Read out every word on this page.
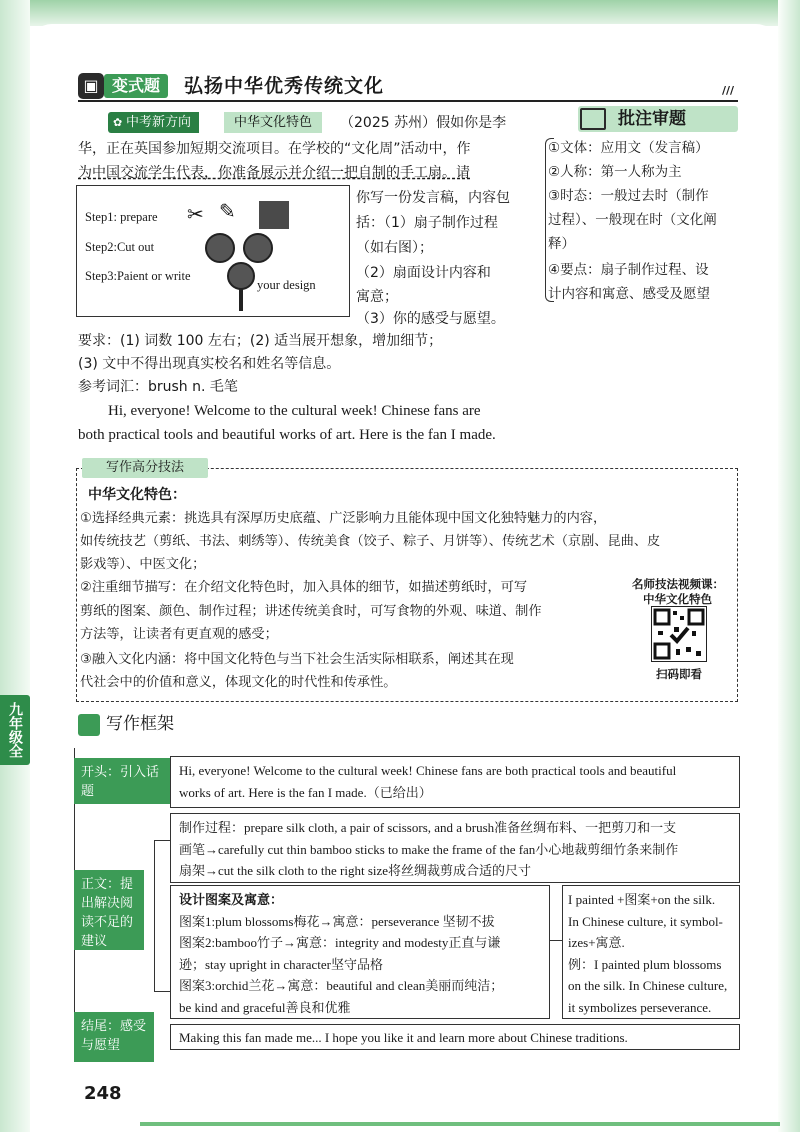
▣ 变式题	弘扬中华优秀传统文化	///
✿ 中考新方向	中华文化特色	（2025 苏州）假如你是李
华，正在英国参加短期交流项目。在学校的“文化周”活动中，作
为中国交流学生代表，你准备展示并介绍一把自制的手工扇。请
你写一份发言稿，内容包
括：（1）扇子制作过程
（如右图）；
（2）扇面设计内容和
寓意；
（3）你的感受与愿望。
Step1: prepare ✂ ✎
Step2:Cut out
Step3:Paient or write
your design
批注审题
①文体：应用文（发言稿）
②人称：第一人称为主
③时态：一般过去时（制作
过程）、一般现在时（文化阐
释）
④要点：扇子制作过程、设
计内容和寓意、感受及愿望
要求：(1) 词数 100 左右；(2) 适当展开想象，增加细节；
(3) 文中不得出现真实校名和姓名等信息。
参考词汇：brush n. 毛笔
Hi, everyone! Welcome to the cultural week! Chinese fans are
both practical tools and beautiful works of art. Here is the fan I made.
写作高分技法
中华文化特色：
①选择经典元素：挑选具有深厚历史底蕴、广泛影响力且能体现中国文化独特魅力的内容，
如传统技艺（剪纸、书法、刺绣等）、传统美食（饺子、粽子、月饼等）、传统艺术（京剧、昆曲、皮
影戏等）、中医文化；
②注重细节描写：在介绍文化特色时，加入具体的细节，如描述剪纸时，可写
剪纸的图案、颜色、制作过程；讲述传统美食时，可写食物的外观、味道、制作
方法等，让读者有更直观的感受；
③融入文化内涵：将中国文化特色与当下社会生活实际相联系，阐述其在现
代社会中的价值和意义，体现文化的时代性和传承性。
名师技法视频课：
中华文化特色
扫码即看
九年级全	写作框架
开头：引入话题
Hi, everyone! Welcome to the cultural week! Chinese fans are both practical tools and beautiful
works of art. Here is the fan I made.（已给出）
正文：提出解决阅读不足的建议
制作过程：prepare silk cloth, a pair of scissors, and a brush准备丝绸布料、一把剪刀和一支
画笔→carefully cut thin bamboo sticks to make the frame of the fan小心地裁剪细竹条来制作
扇架→cut the silk cloth to the right size将丝绸裁剪成合适的尺寸
设计图案及寓意：
图案1:plum blossoms梅花→寓意：perseverance 坚韧不拔
图案2:bamboo竹子→寓意：integrity and modesty正直与谦
逊；stay upright in character坚守品格
图案3:orchid兰花→寓意：beautiful and clean美丽而纯洁；
be kind and graceful善良和优雅
I painted +图案+on the silk.
In Chinese culture, it symbol-
izes+寓意.
例：I painted plum blossoms
on the silk. In Chinese culture,
it symbolizes perseverance.
结尾：感受与愿望
Making this fan made me... I hope you like it and learn more about Chinese traditions.
248
